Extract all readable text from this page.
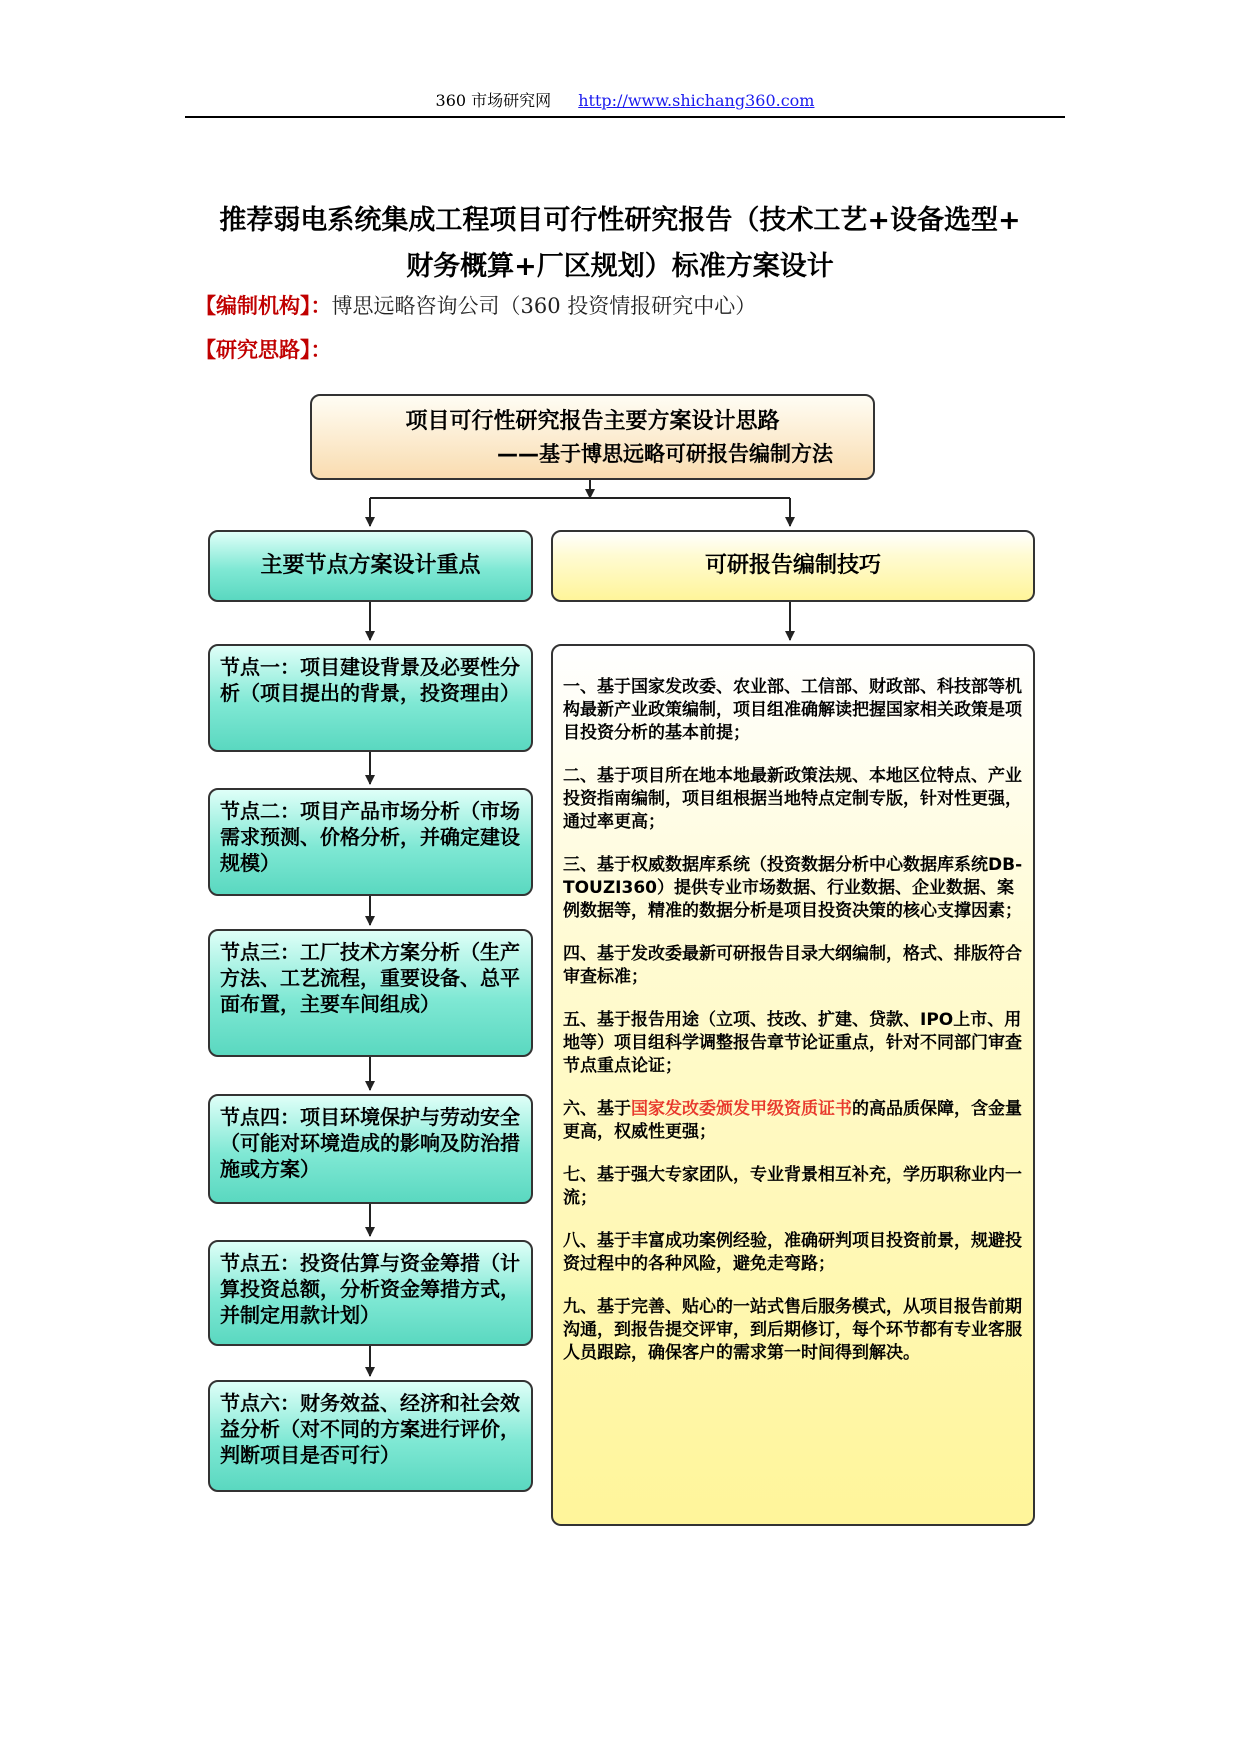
360 市场研究网 http://www.shichang360.com
推荐弱电系统集成工程项目可行性研究报告（技术工艺+设备选型+
财务概算+厂区规划）标准方案设计
【编制机构】：博思远略咨询公司（360 投资情报研究中心）
【研究思路】：
项目可行性研究报告主要方案设计思路
——基于博思远略可研报告编制方法
主要节点方案设计重点	可研报告编制技巧
节点一：项目建设背景及必要性分析（项目提出的背景，投资理由）
节点二：项目产品市场分析（市场需求预测、价格分析，并确定建设规模）
节点三：工厂技术方案分析（生产方法、工艺流程，重要设备、总平面布置，主要车间组成）
节点四：项目环境保护与劳动安全（可能对环境造成的影响及防治措施或方案）
节点五：投资估算与资金筹措（计算投资总额，分析资金筹措方式，并制定用款计划）
节点六：财务效益、经济和社会效益分析（对不同的方案进行评价，判断项目是否可行）

一、基于国家发改委、农业部、工信部、财政部、科技部等机构最新产业政策编制，项目组准确解读把握国家相关政策是项目投资分析的基本前提；

二、基于项目所在地本地最新政策法规、本地区位特点、产业投资指南编制，项目组根据当地特点定制专版，针对性更强，通过率更高；

三、基于权威数据库系统（投资数据分析中心数据库系统DB-TOUZI360）提供专业市场数据、行业数据、企业数据、案例数据等，精准的数据分析是项目投资决策的核心支撑因素；

四、基于发改委最新可研报告目录大纲编制，格式、排版符合审查标准；

五、基于报告用途（立项、技改、扩建、贷款、IPO上市、用地等）项目组科学调整报告章节论证重点，针对不同部门审查节点重点论证；

六、基于国家发改委颁发甲级资质证书的高品质保障，含金量更高，权威性更强；

七、基于强大专家团队，专业背景相互补充，学历职称业内一流；

八、基于丰富成功案例经验，准确研判项目投资前景，规避投资过程中的各种风险，避免走弯路；

九、基于完善、贴心的一站式售后服务模式，从项目报告前期沟通，到报告提交评审，到后期修订，每个环节都有专业客服人员跟踪，确保客户的需求第一时间得到解决。
